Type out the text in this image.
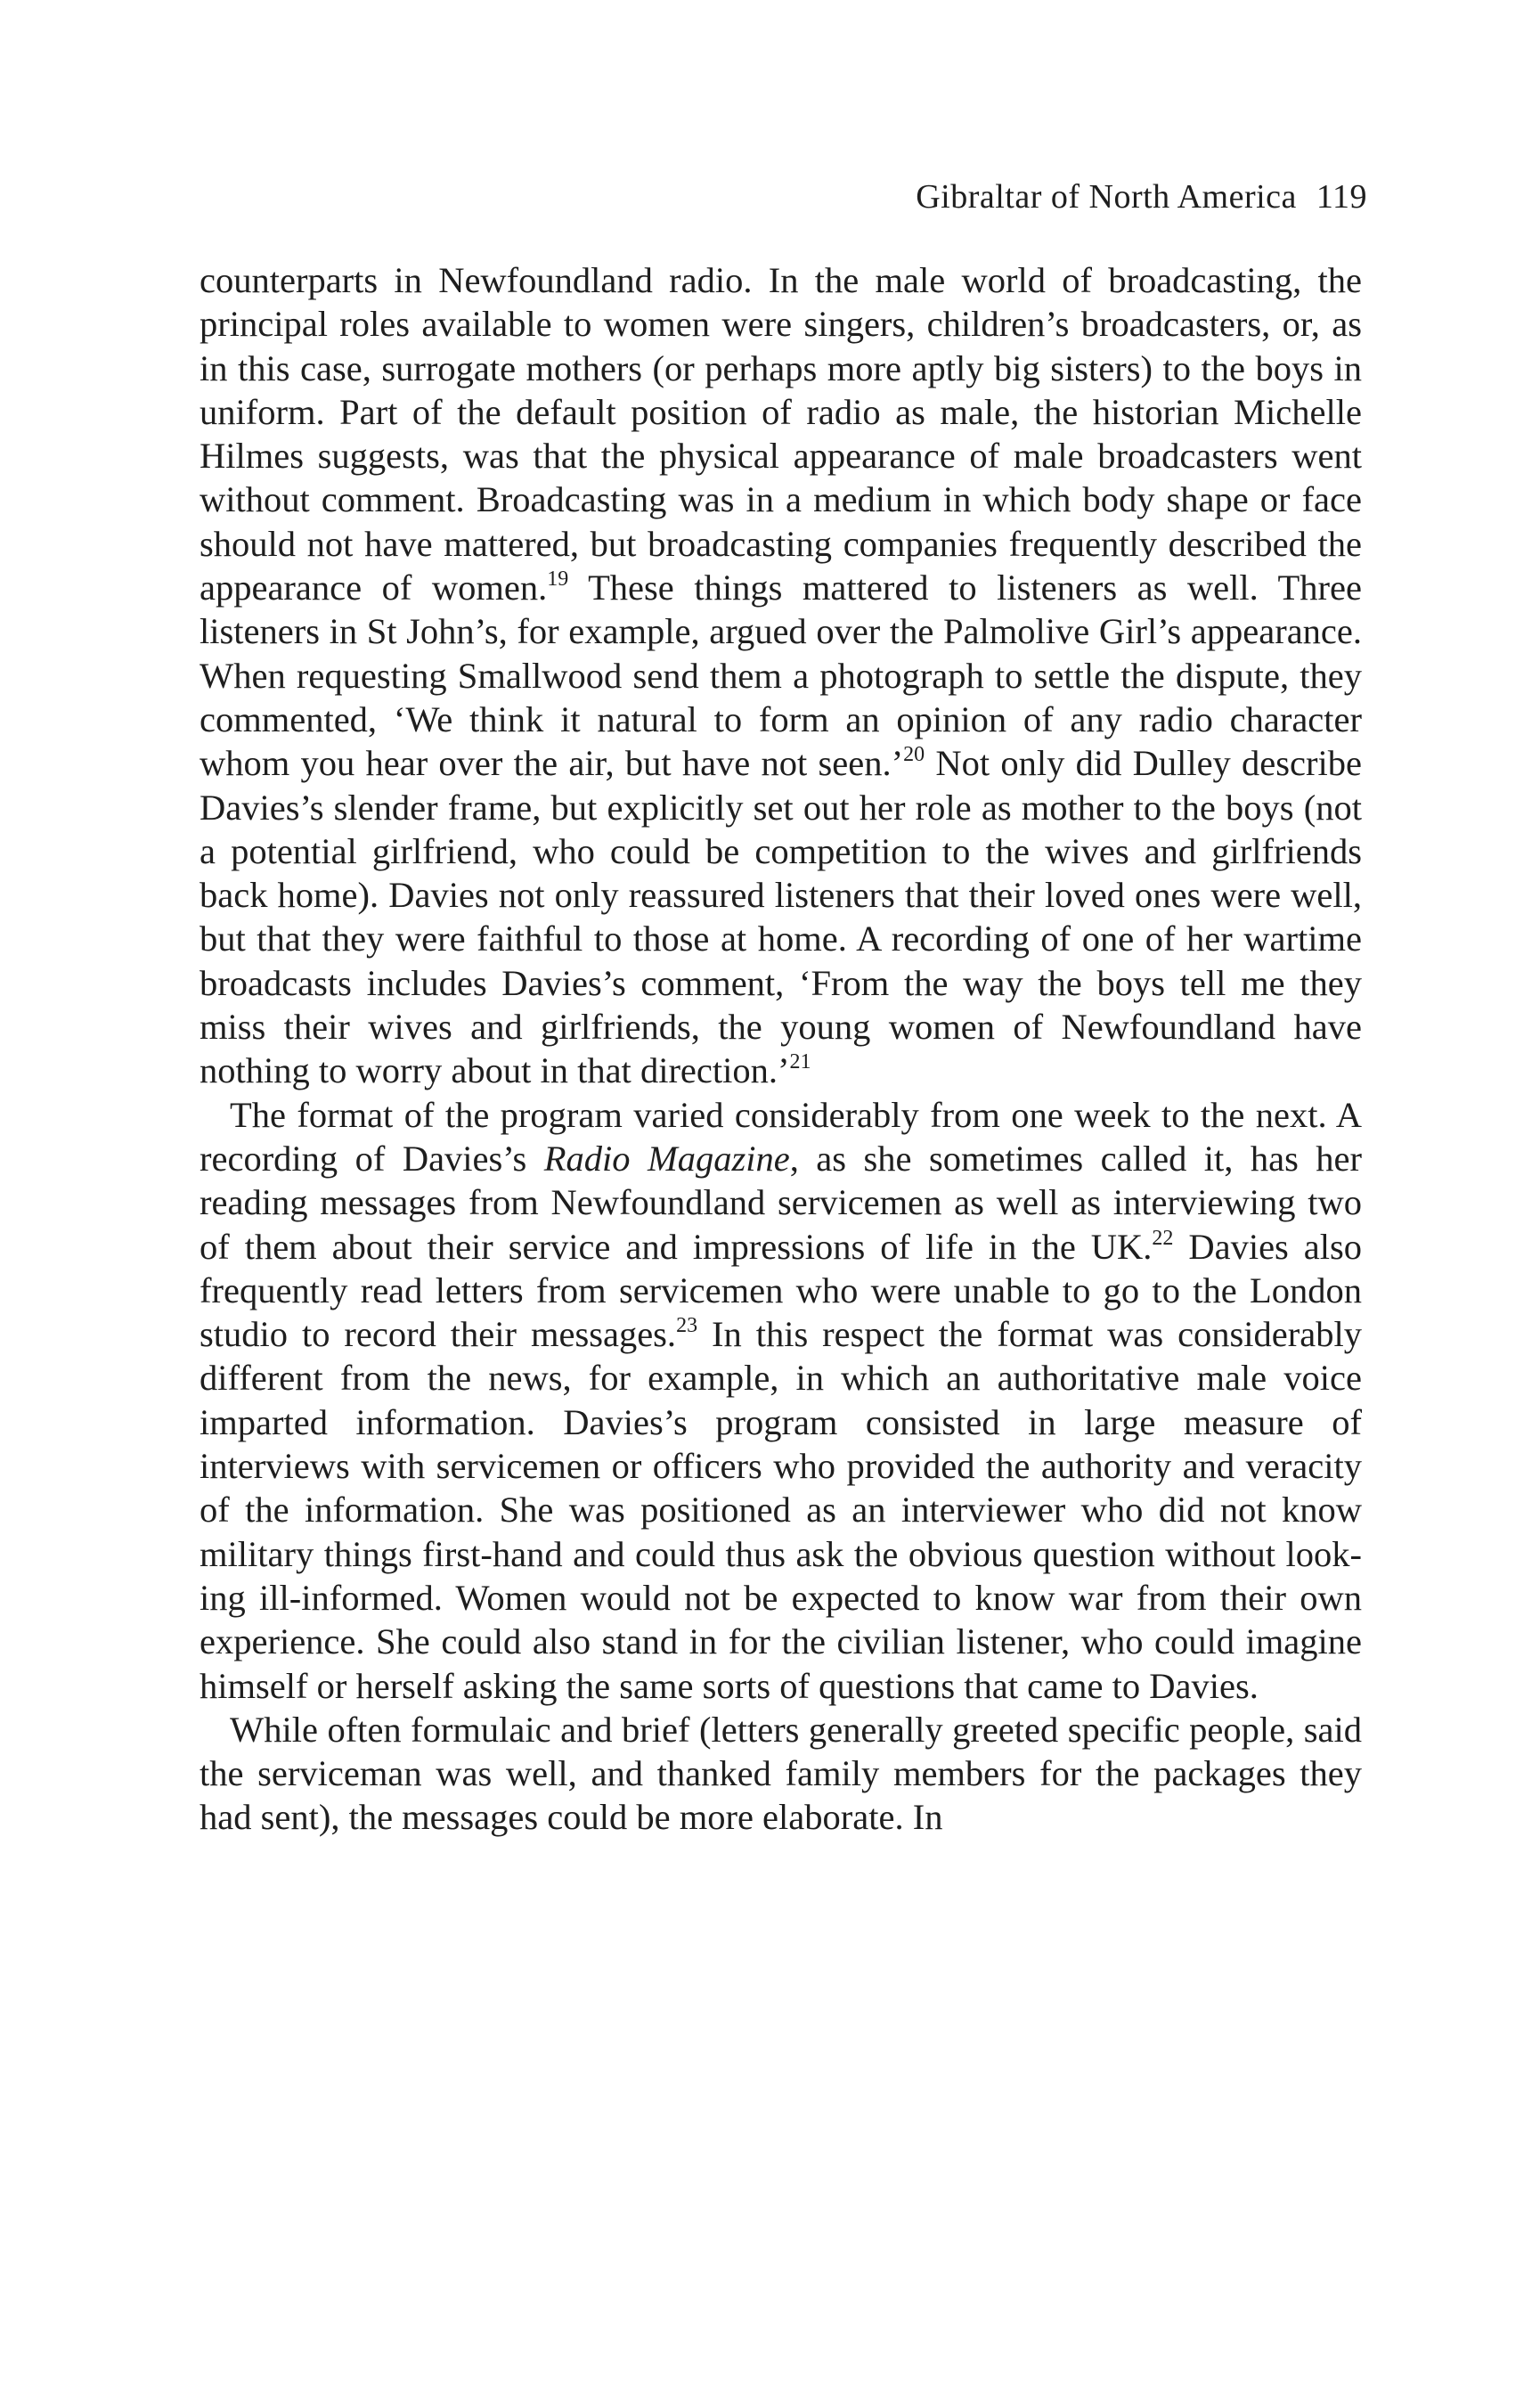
Gibraltar of North America 119

counterparts in Newfoundland radio. In the male world of broadcasting, the principal roles available to women were singers, children’s broadcasters, or, as in this case, surrogate mothers (or perhaps more aptly big sisters) to the boys in uniform. Part of the default position of radio as male, the historian Michelle Hilmes suggests, was that the physical appearance of male broadcasters went without comment. Broadcasting was in a medium in which body shape or face should not have mattered, but broadcasting companies frequently described the appearance of women.$^{19}$ These things mattered to listeners as well. Three listeners in St John’s, for example, argued over the Palmolive Girl’s appearance. When requesting Smallwood send them a photograph to settle the dispute, they commented, ‘We think it natural to form an opinion of any radio character whom you hear over the air, but have not seen.’$^{20}$ Not only did Dulley describe Davies’s slender frame, but explicitly set out her role as mother to the boys (not a potential girlfriend, who could be competition to the wives and girlfriends back home). Davies not only reassured listeners that their loved ones were well, but that they were faithful to those at home. A recording of one of her wartime broadcasts includes Davies’s comment, ‘From the way the boys tell me they miss their wives and girlfriends, the young women of Newfoundland have nothing to worry about in that direction.’$^{21}$

The format of the program varied considerably from one week to the next. A recording of Davies’s Radio Magazine, as she sometimes called it, has her reading messages from Newfoundland servicemen as well as interviewing two of them about their service and impressions of life in the UK.$^{22}$ Davies also frequently read letters from servicemen who were unable to go to the London studio to record their messages.$^{23}$ In this respect the format was considerably different from the news, for example, in which an authoritative male voice imparted information. Davies’s program consisted in large measure of interviews with servicemen or officers who provided the authority and veracity of the information. She was positioned as an interviewer who did not know military things first-hand and could thus ask the obvious question without looking ill-informed. Women would not be expected to know war from their own experience. She could also stand in for the civilian listener, who could imagine himself or herself asking the same sorts of questions that came to Davies.

While often formulaic and brief (letters generally greeted specific people, said the serviceman was well, and thanked family members for the packages they had sent), the messages could be more elaborate. In
